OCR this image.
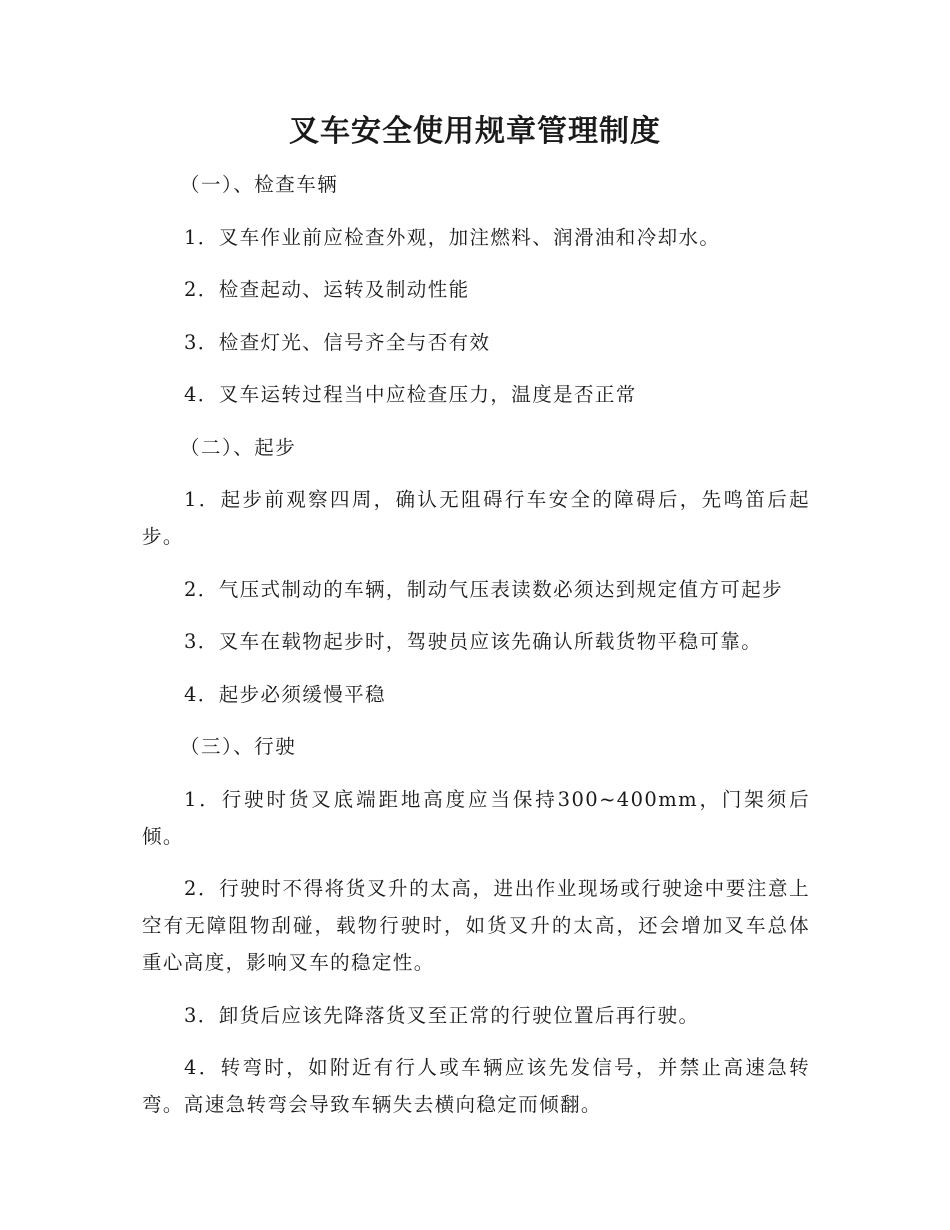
叉车安全使用规章管理制度
（一）、检查车辆
1．叉车作业前应检查外观，加注燃料、润滑油和冷却水。
2．检查起动、运转及制动性能
3．检查灯光、信号齐全与否有效
4．叉车运转过程当中应检查压力，温度是否正常
（二）、起步
1．起步前观察四周，确认无阻碍行车安全的障碍后，先鸣笛后起步。
2．气压式制动的车辆，制动气压表读数必须达到规定值方可起步
3．叉车在载物起步时，驾驶员应该先确认所载货物平稳可靠。
4．起步必须缓慢平稳
（三）、行驶
1．行驶时货叉底端距地高度应当保持300~400mm，门架须后倾。
2．行驶时不得将货叉升的太高，进出作业现场或行驶途中要注意上空有无障阻物刮碰，载物行驶时，如货叉升的太高，还会增加叉车总体重心高度，影响叉车的稳定性。
3．卸货后应该先降落货叉至正常的行驶位置后再行驶。
4．转弯时，如附近有行人或车辆应该先发信号，并禁止高速急转弯。高速急转弯会导致车辆失去横向稳定而倾翻。
